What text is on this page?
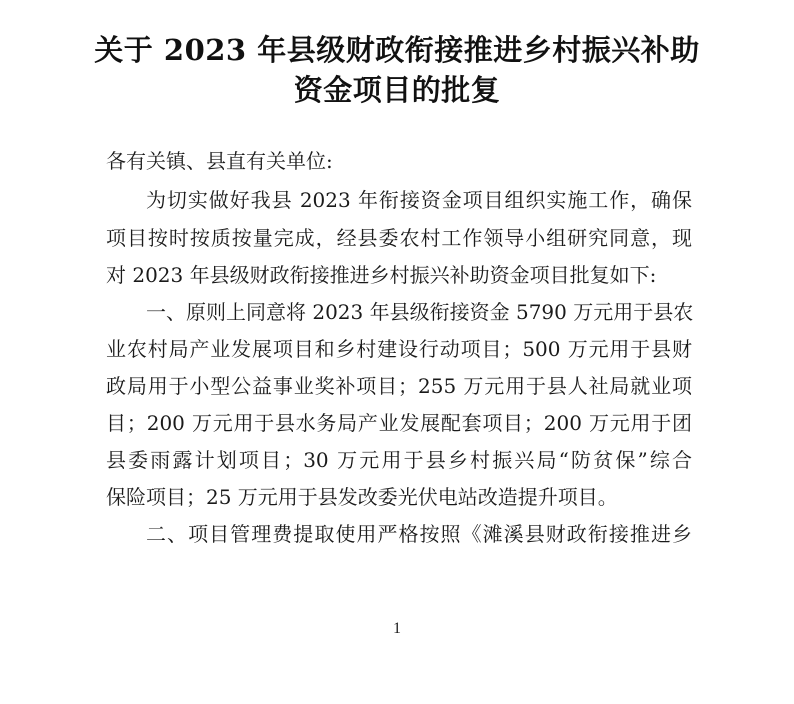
关于 2023 年县级财政衔接推进乡村振兴补助
资金项目的批复
各有关镇、县直有关单位:
为切实做好我县 2023 年衔接资金项目组织实施工作，确保
项目按时按质按量完成，经县委农村工作领导小组研究同意，现
对 2023 年县级财政衔接推进乡村振兴补助资金项目批复如下:
一、原则上同意将 2023 年县级衔接资金 5790 万元用于县农
业农村局产业发展项目和乡村建设行动项目；500 万元用于县财
政局用于小型公益事业奖补项目；255 万元用于县人社局就业项
目；200 万元用于县水务局产业发展配套项目；200 万元用于团
县委雨露计划项目；30 万元用于县乡村振兴局“防贫保”综合
保险项目；25 万元用于县发改委光伏电站改造提升项目。
二、项目管理费提取使用严格按照《滩溪县财政衔接推进乡
1
